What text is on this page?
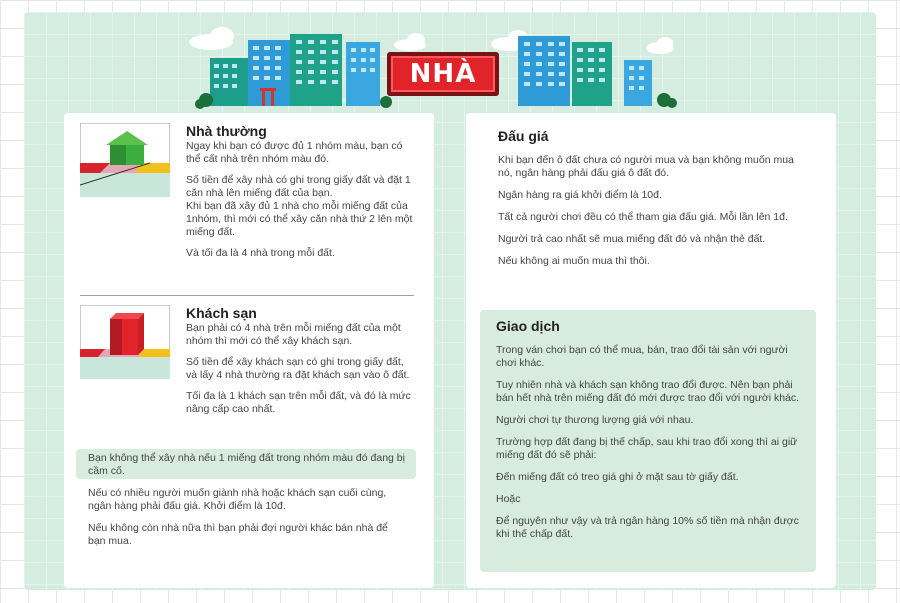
NHÀ
Nhà thường

Ngay khi bạn có được đủ 1 nhóm màu, bạn có thể cất nhà trên nhóm màu đó.

Số tiền để xây nhà có ghi trong giấy đất và đặt 1 căn nhà lên miếng đất của bạn.

Khi bạn đã xây đủ 1 nhà cho mỗi miếng đất của 1nhóm, thì mới có thể xây căn nhà thứ 2 lên một miếng đất.

Và tối đa là 4 nhà trong mỗi đất.

Khách sạn

Bạn phải có 4 nhà trên mỗi miếng đất của một nhóm thì mới có thể xây khách sạn.

Số tiền để xây khách sạn có ghi trong giấy đất, và lấy 4 nhà thường ra đặt khách sạn vào ô đất.

Tối đa là 1 khách sạn trên mỗi đất, và đó là mức nâng cấp cao nhất.

Bạn không thể xây nhà nếu 1 miếng đất trong nhóm màu đó đang bị cầm cố.

Nếu có nhiều người muốn giành nhà hoặc khách sạn cuối cùng, ngân hàng phải đấu giá. Khởi điểm là 10đ.

Nếu không còn nhà nữa thì bạn phải đợi người khác bán nhà để bạn mua.

Đấu giá

Khi bạn đến ô đất chưa có người mua và bạn không muốn mua nó, ngân hàng phải đấu giá ô đất đó.

Ngân hàng ra giá khởi điểm là 10đ.

Tất cả người chơi đều có thể tham gia đấu giá. Mỗi lần lên 1đ.

Người trả cao nhất sẽ mua miếng đất đó và nhận thẻ đất.

Nếu không ai muốn mua thì thôi.

Giao dịch

Trong ván chơi bạn có thể mua, bán, trao đổi tài sản với người chơi khác.

Tuy nhiên nhà và khách sạn không trao đổi được. Nên bạn phải bán hết nhà trên miếng đất đó mới được trao đổi với người khác.

Người chơi tự thương lượng giá với nhau.

Trường hợp đất đang bị thế chấp, sau khi trao đổi xong thì ai giữ miếng đất đó sẽ phải:

Đến miếng đất có treo giá ghi ở mặt sau tờ giấy đất.

Hoặc

Để nguyên như vậy và trả ngân hàng 10% số tiền mà nhận được khi thế chấp đất.
